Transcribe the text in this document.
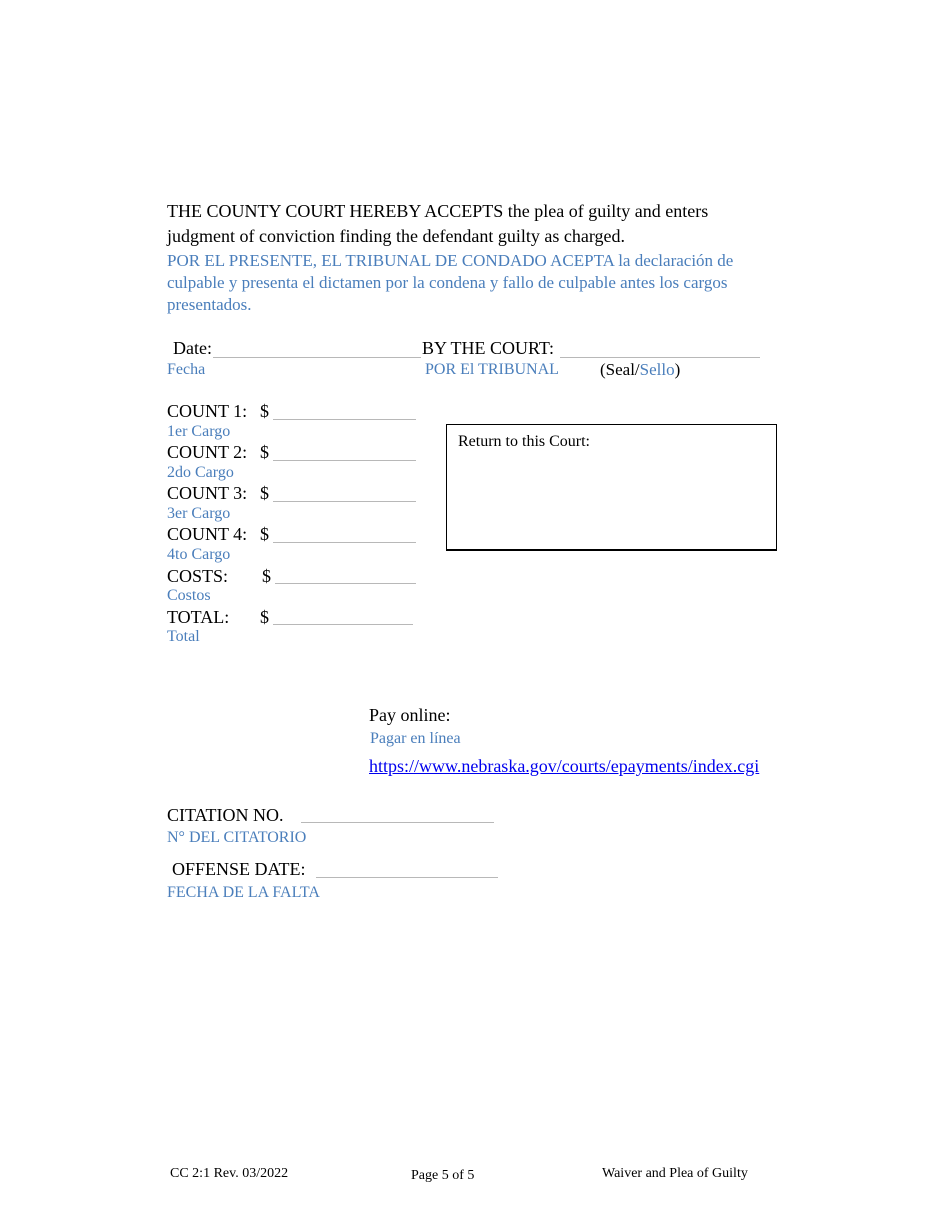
THE COUNTY COURT HEREBY ACCEPTS the plea of guilty and enters judgment of conviction finding the defendant guilty as charged.
POR EL PRESENTE, EL TRIBUNAL DE CONDADO ACEPTA la declaración de culpable y presenta el dictamen por la condena y fallo de culpable antes los cargos presentados.
Date:	BY THE COURT:
Fecha	POR El TRIBUNAL (Seal/Sello)
COUNT 1: $
1er Cargo
COUNT 2: $
2do Cargo
COUNT 3: $
3er Cargo
COUNT 4: $
4to Cargo
COSTS: $
Costos
TOTAL: $
Total
Return to this Court:
Pay online:
Pagar en línea
https://www.nebraska.gov/courts/epayments/index.cgi
CITATION NO.
N° DEL CITATORIO
OFFENSE DATE:
FECHA DE LA FALTA
CC 2:1 Rev. 03/2022	Page 5 of 5	Waiver and Plea of Guilty
